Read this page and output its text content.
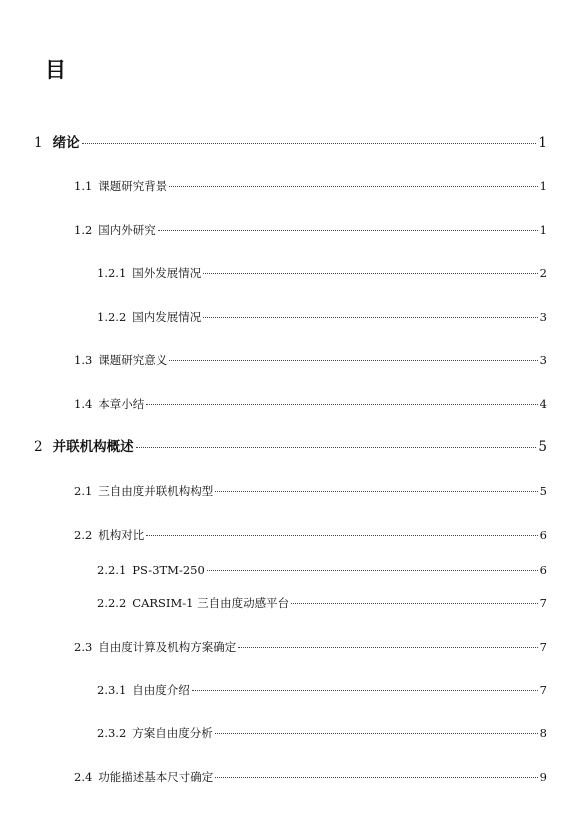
目
1 绪论	1
1.1 课题研究背景	1
1.2 国内外研究	1
1.2.1 国外发展情况	2
1.2.2 国内发展情况	3
1.3 课题研究意义	3
1.4 本章小结	4
2 并联机构概述	5
2.1 三自由度并联机构构型	5
2.2 机构对比	6
2.2.1 PS-3TM-250	6
2.2.2 CARSIM-1 三自由度动感平台	7
2.3 自由度计算及机构方案确定	7
2.3.1 自由度介绍	7
2.3.2 方案自由度分析	8
2.4 功能描述基本尺寸确定	9
